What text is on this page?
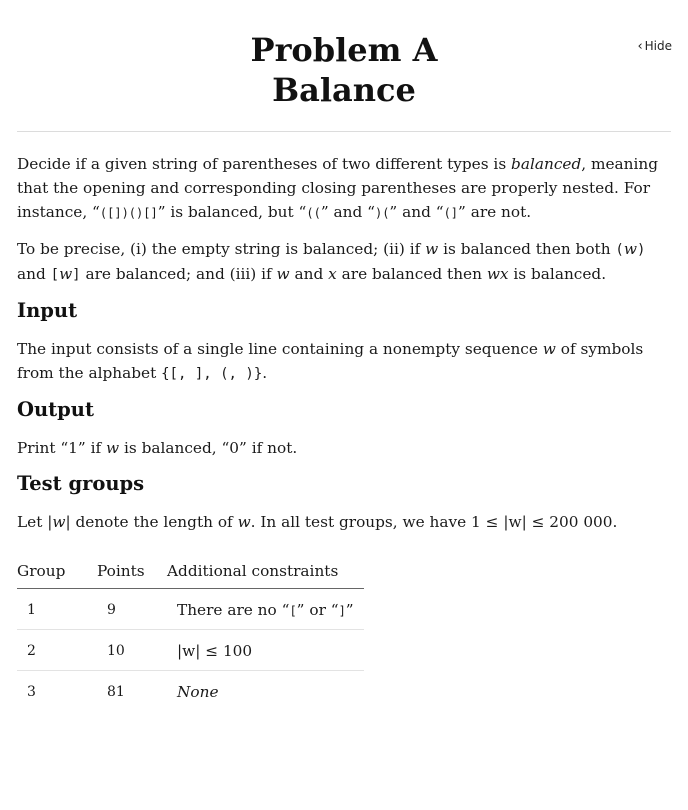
‹ Hide
Problem A
Balance

Decide if a given string of parentheses of two different types is balanced, meaning that the opening and corresponding closing parentheses are properly nested. For instance, “([])()[]” is balanced, but “((” and “)(” and “(]” are not.

To be precise, (i) the empty string is balanced; (ii) if w is balanced then both (w) and [w] are balanced; and (iii) if w and x are balanced then wx is balanced.

Input

The input consists of a single line containing a nonempty sequence w of symbols from the alphabet {[, ], (, )}.

Output

Print “1” if w is balanced, “0” if not.

Test groups

Let |w| denote the length of w. In all test groups, we have 1 ≤ |w| ≤ 200 000.

Group	Points	Additional constraints
1	9	There are no “[” or “]”
2	10	|w| ≤ 100
3	81	None
